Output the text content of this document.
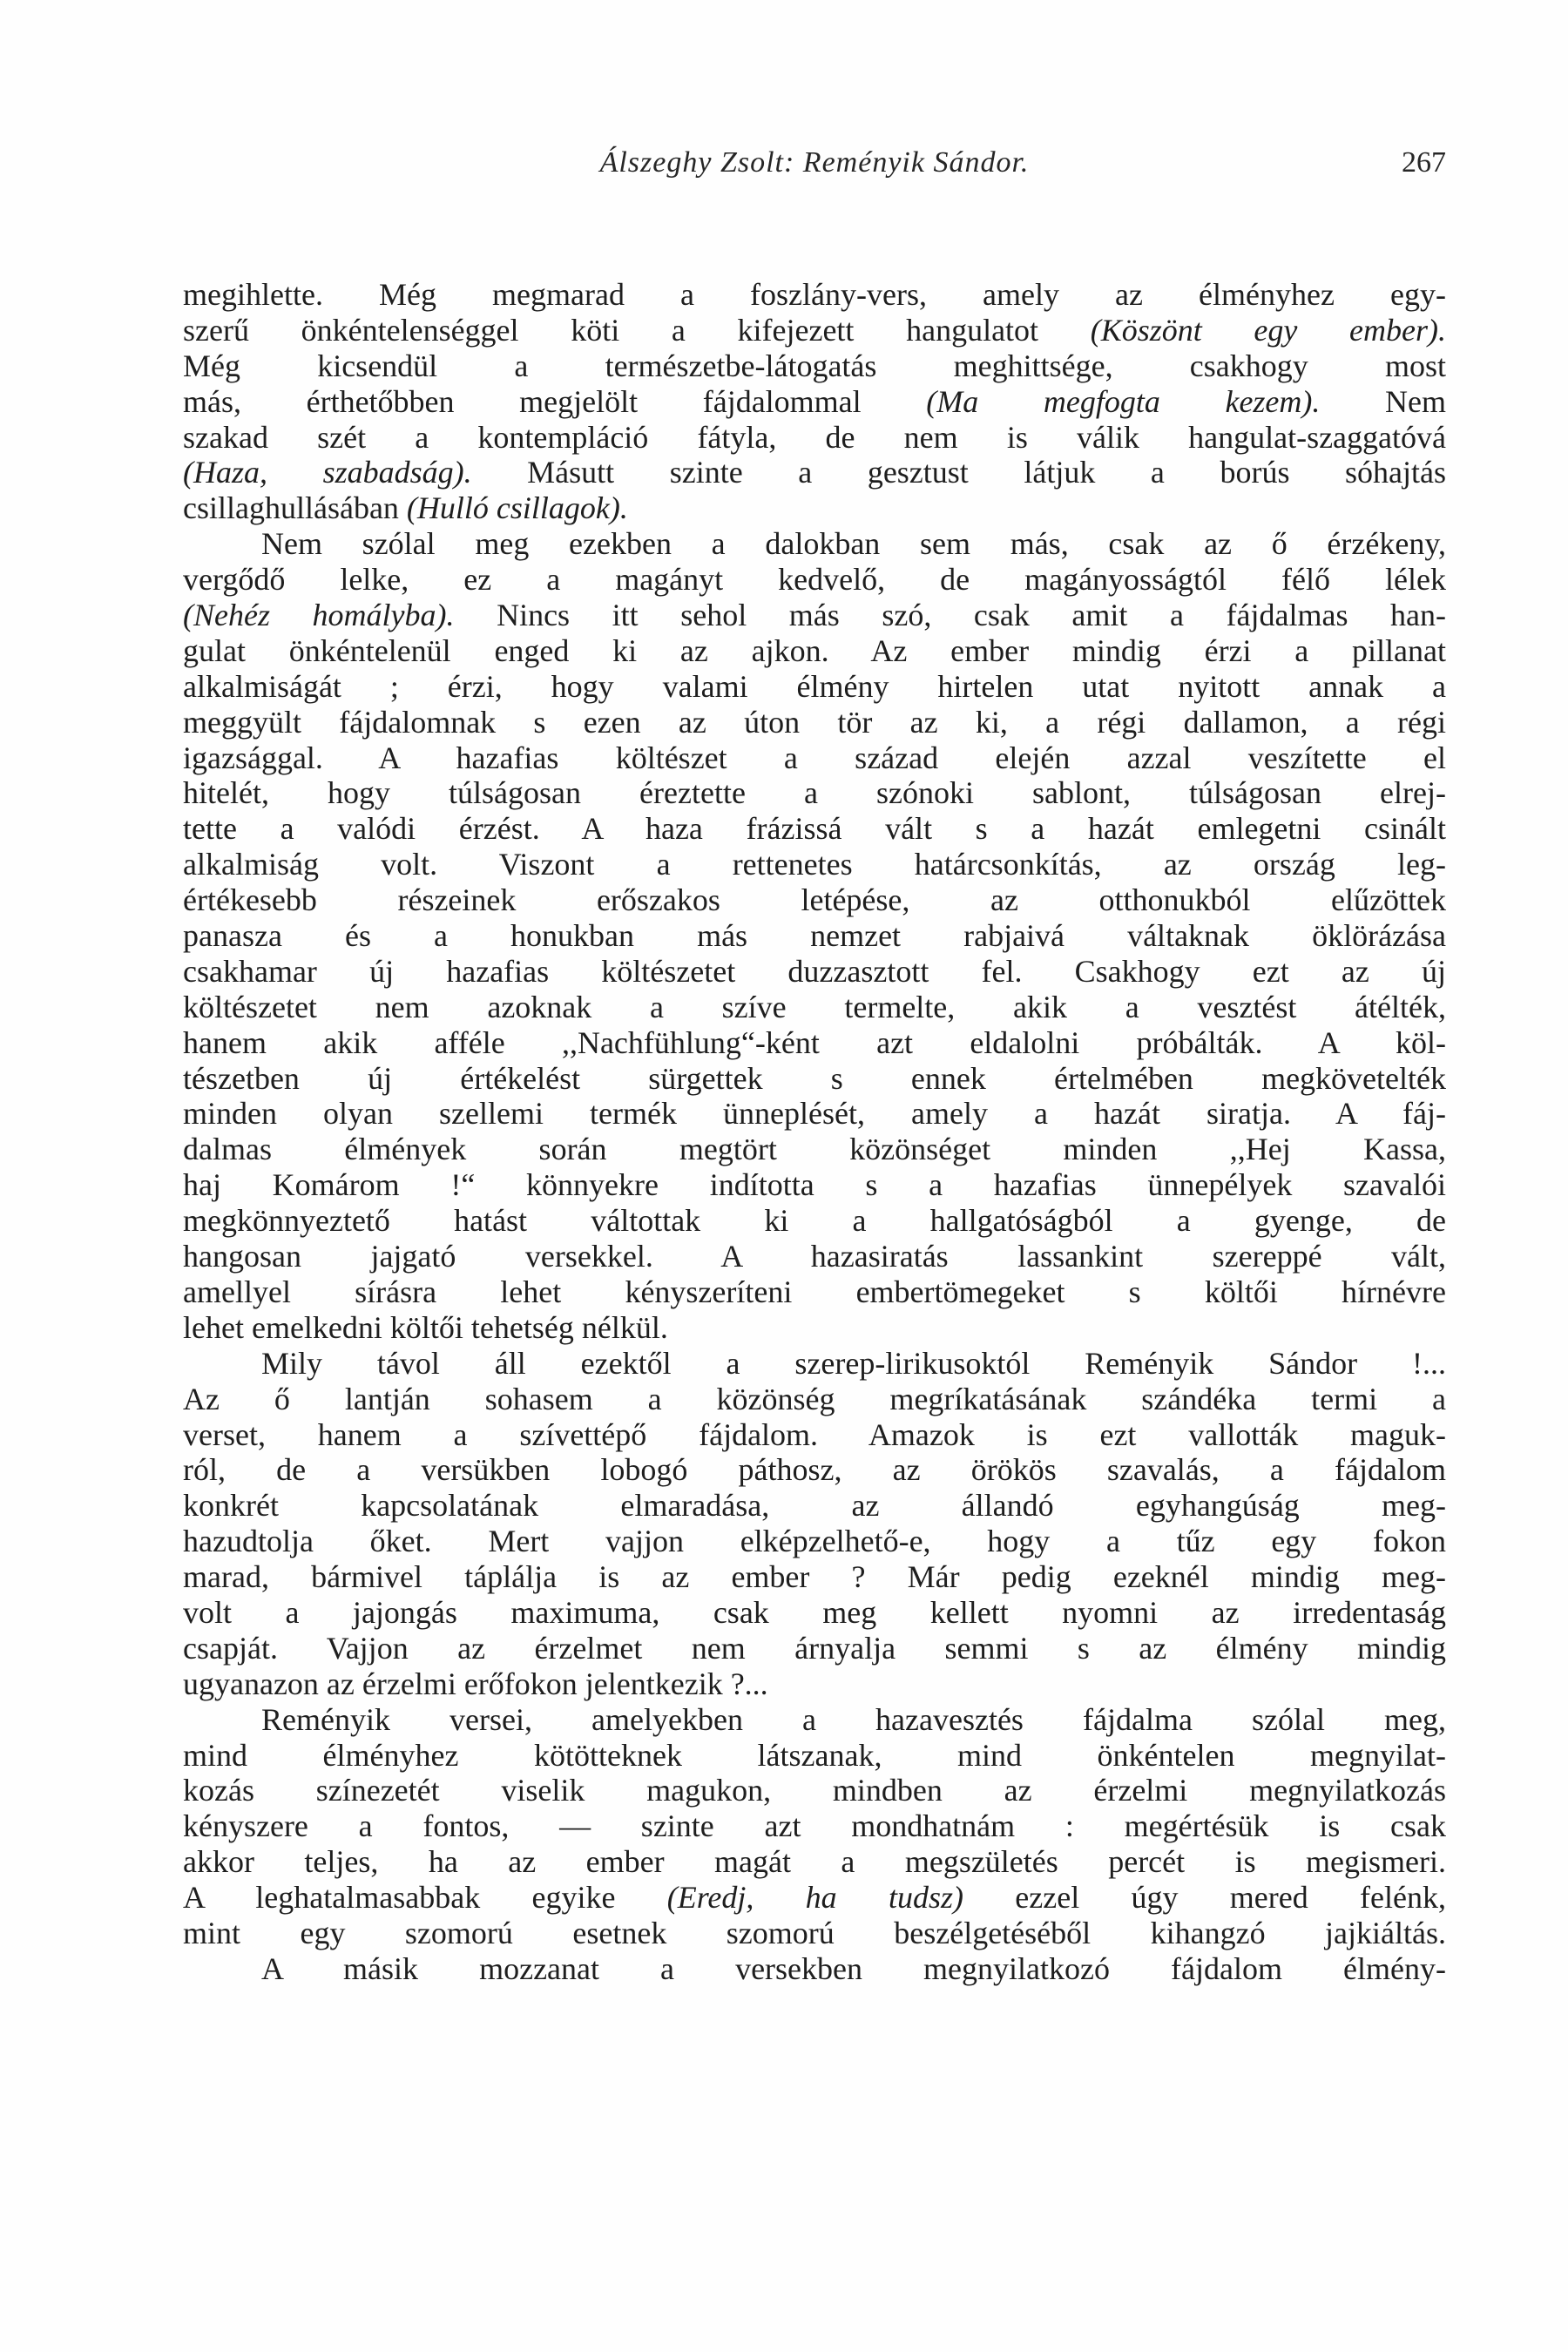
Álszeghy Zsolt: Reményik Sándor.	267
megihlette. Még megmarad a foszlány-vers, amely az élményhez egy-
szerű önkéntelenséggel köti a kifejezett hangulatot (Köszönt egy ember).
Még kicsendül a természetbe-látogatás meghittsége, csakhogy most
más, érthetőbben megjelölt fájdalommal (Ma megfogta kezem). Nem
szakad szét a kontempláció fátyla, de nem is válik hangulat-szaggatóvá
(Haza, szabadság). Másutt szinte a gesztust látjuk a borús sóhajtás
csillaghullásában (Hulló csillagok).
Nem szólal meg ezekben a dalokban sem más, csak az ő érzékeny,
vergődő lelke, ez a magányt kedvelő, de magányosságtól félő lélek
(Nehéz homályba). Nincs itt sehol más szó, csak amit a fájdalmas han-
gulat önkéntelenül enged ki az ajkon. Az ember mindig érzi a pillanat
alkalmiságát ; érzi, hogy valami élmény hirtelen utat nyitott annak a
meggyült fájdalomnak s ezen az úton tör az ki, a régi dallamon, a régi
igazsággal. A hazafias költészet a század elején azzal veszítette el
hitelét, hogy túlságosan éreztette a szónoki sablont, túlságosan elrej-
tette a valódi érzést. A haza frázissá vált s a hazát emlegetni csinált
alkalmiság volt. Viszont a rettenetes határcsonkítás, az ország leg-
értékesebb részeinek erőszakos letépése, az otthonukból elűzöttek
panasza és a honukban más nemzet rabjaivá váltaknak öklörázása
csakhamar új hazafias költészetet duzzasztott fel. Csakhogy ezt az új
költészetet nem azoknak a szíve termelte, akik a vesztést átélték,
hanem akik afféle ,,Nachfühlung“-ként azt eldalolni próbálták. A köl-
tészetben új értékelést sürgettek s ennek értelmében megkövetelték
minden olyan szellemi termék ünneplését, amely a hazát siratja. A fáj-
dalmas élmények során megtört közönséget minden ,,Hej Kassa,
haj Komárom !“ könnyekre indította s a hazafias ünnepélyek szavalói
megkönnyeztető hatást váltottak ki a hallgatóságból a gyenge, de
hangosan jajgató versekkel. A hazasiratás lassankint szereppé vált,
amellyel sírásra lehet kényszeríteni embertömegeket s költői hírnévre
lehet emelkedni költői tehetség nélkül.
Mily távol áll ezektől a szerep-lirikusoktól Reményik Sándor !...
Az ő lantján sohasem a közönség megríkatásának szándéka termi a
verset, hanem a szívettépő fájdalom. Amazok is ezt vallották maguk-
ról, de a versükben lobogó páthosz, az örökös szavalás, a fájdalom
konkrét kapcsolatának elmaradása, az állandó egyhangúság meg-
hazudtolja őket. Mert vajjon elképzelhető-e, hogy a tűz egy fokon
marad, bármivel táplálja is az ember ? Már pedig ezeknél mindig meg-
volt a jajongás maximuma, csak meg kellett nyomni az irredentaság
csapját. Vajjon az érzelmet nem árnyalja semmi s az élmény mindig
ugyanazon az érzelmi erőfokon jelentkezik ?...
Reményik versei, amelyekben a hazavesztés fájdalma szólal meg,
mind élményhez kötötteknek látszanak, mind önkéntelen megnyilat-
kozás színezetét viselik magukon, mindben az érzelmi megnyilatkozás
kényszere a fontos, — szinte azt mondhatnám : megértésük is csak
akkor teljes, ha az ember magát a megszületés percét is megismeri.
A leghatalmasabbak egyike (Eredj, ha tudsz) ezzel úgy mered felénk,
mint egy szomorú esetnek szomorú beszélgetéséből kihangzó jajkiáltás.
A másik mozzanat a versekben megnyilatkozó fájdalom élmény-
